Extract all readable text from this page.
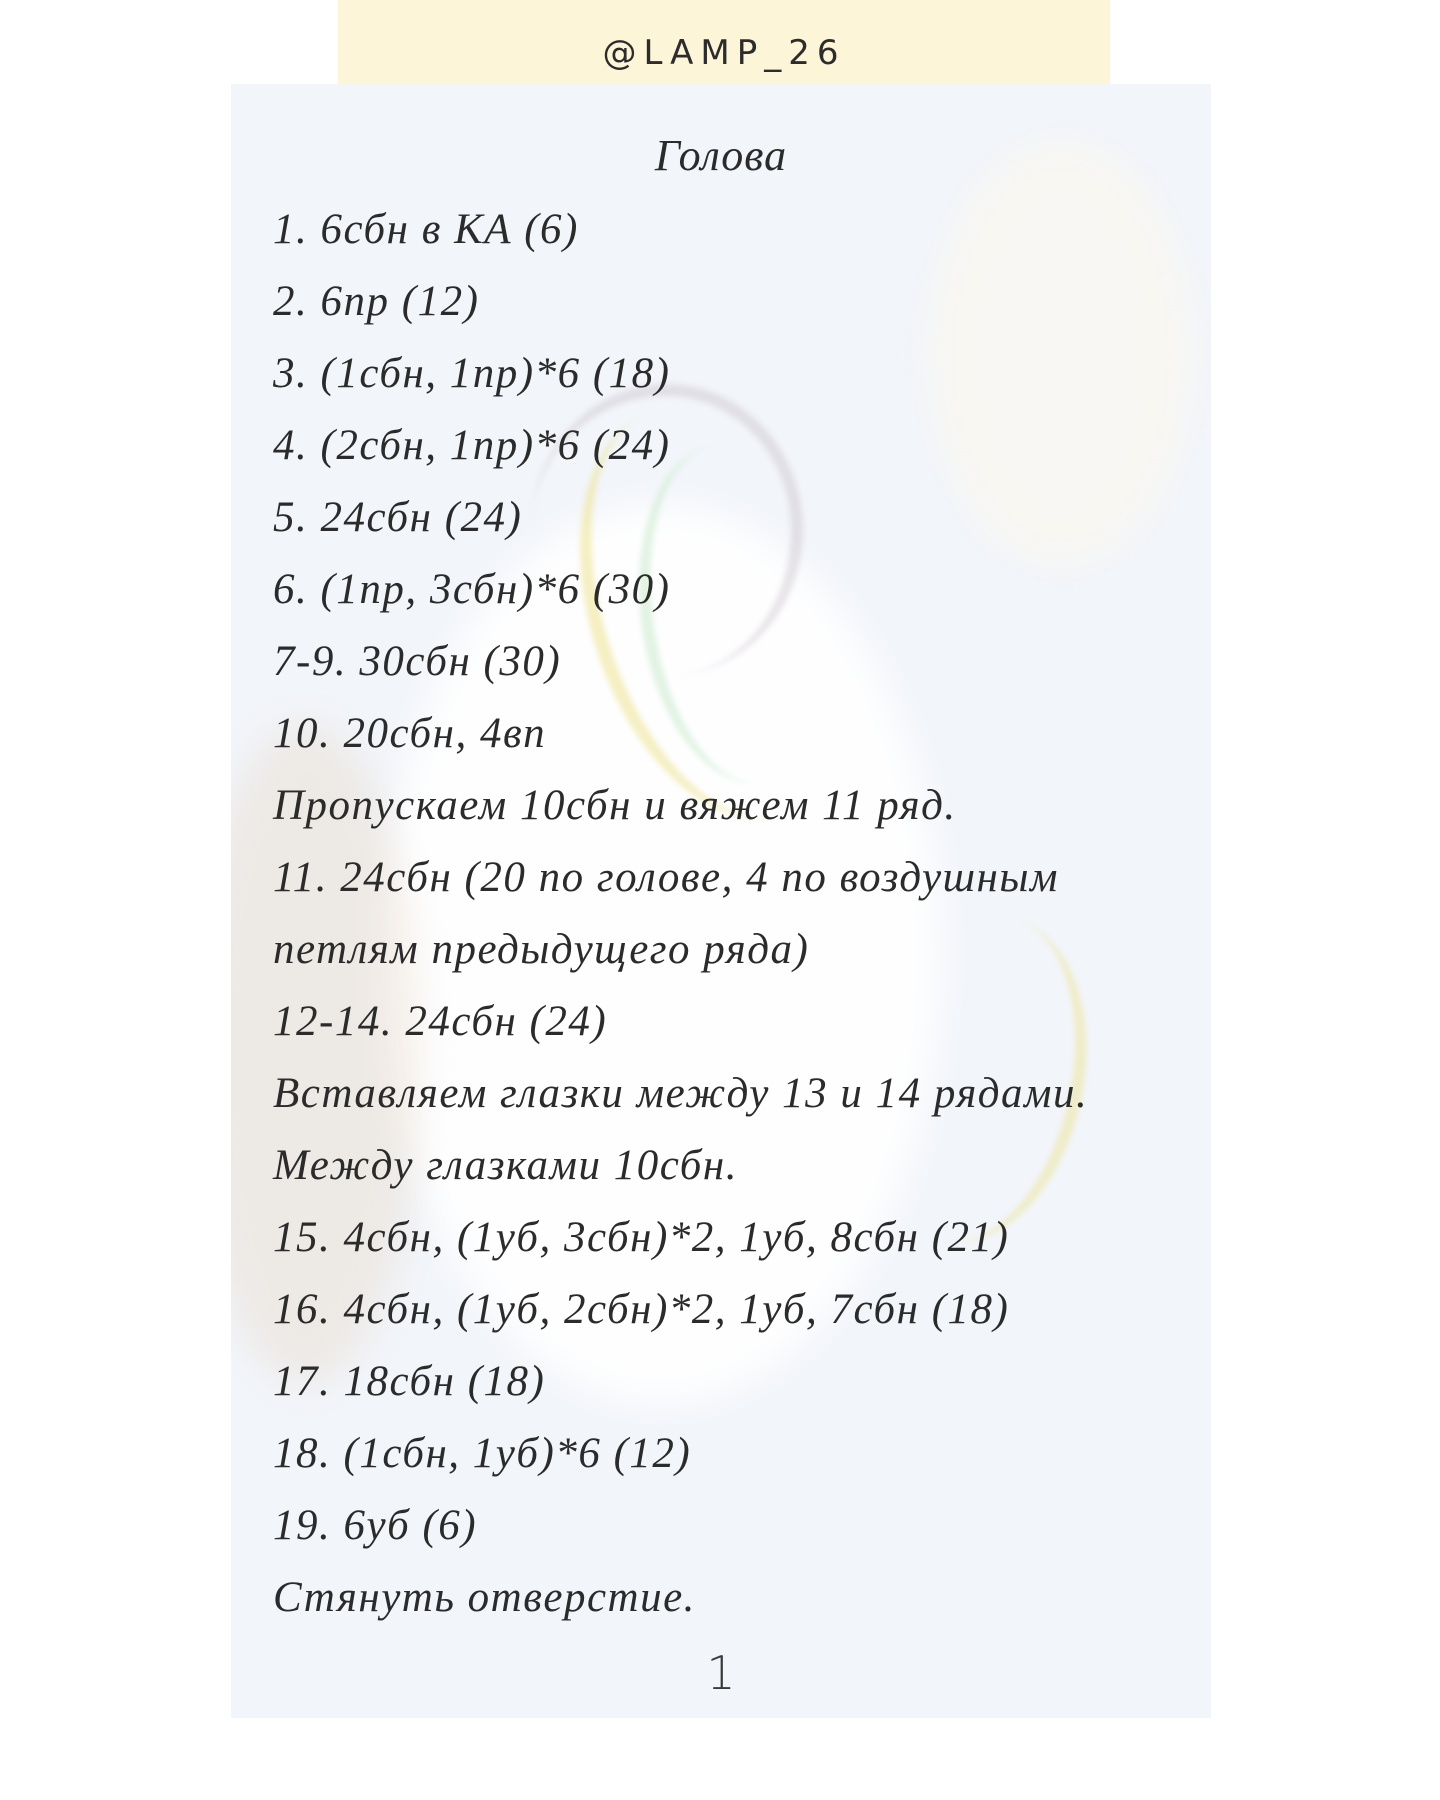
@LAMP_26
Голова
1. 6сбн в КА (6)
2. 6пр (12)
3. (1сбн, 1пр)*6 (18)
4. (2сбн, 1пр)*6 (24)
5. 24сбн (24)
6. (1пр, 3сбн)*6 (30)
7-9. 30сбн (30)
10. 20сбн, 4вп
Пропускаем 10сбн и вяжем 11 ряд.
11. 24сбн (20 по голове, 4 по воздушным
петлям предыдущего ряда)
12-14. 24сбн (24)
Вставляем глазки между 13 и 14 рядами.
Между глазками 10сбн.
15. 4сбн, (1уб, 3сбн)*2, 1уб, 8сбн (21)
16. 4сбн, (1уб, 2сбн)*2, 1уб, 7сбн (18)
17. 18сбн (18)
18. (1сбн, 1уб)*6 (12)
19. 6уб (6)
Стянуть отверстие.
1
